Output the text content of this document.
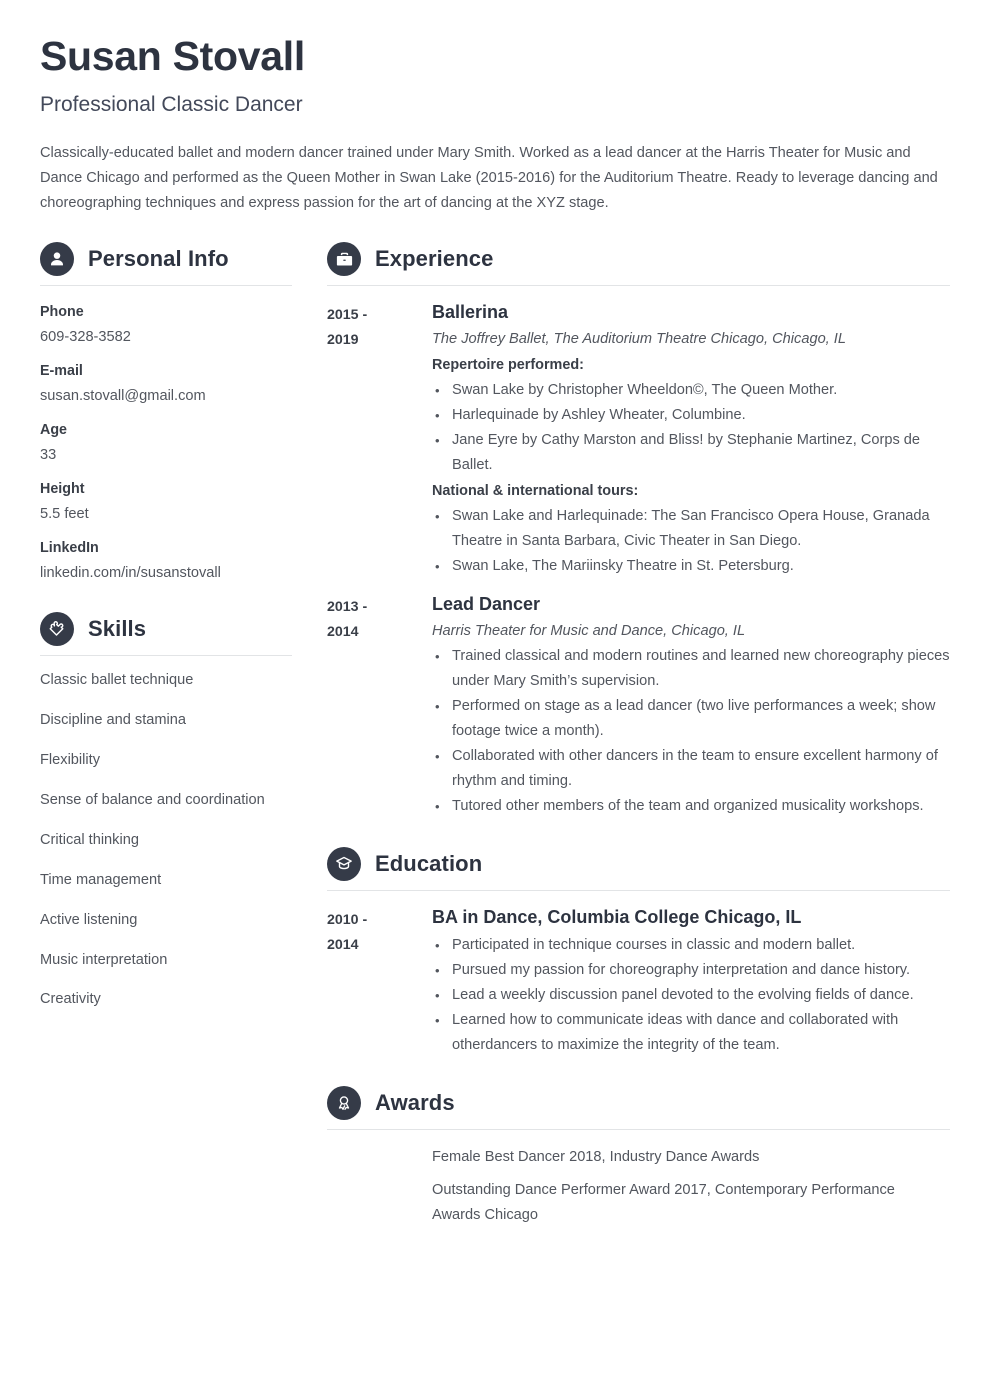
Susan Stovall
Professional Classic Dancer

Classically-educated ballet and modern dancer trained under Mary Smith. Worked as a lead dancer at the Harris Theater for Music and Dance Chicago and performed as the Queen Mother in Swan Lake (2015-2016) for the Auditorium Theatre. Ready to leverage dancing and choreographing techniques and express passion for the art of dancing at the XYZ stage.

Personal Info
Phone
609-328-3582
E-mail
susan.stovall@gmail.com
Age
33
Height
5.5 feet
LinkedIn
linkedin.com/in/susanstovall
Skills
Classic ballet technique
Discipline and stamina
Flexibility
Sense of balance and coordination
Critical thinking
Time management
Active listening
Music interpretation
Creativity
Experience
2015 -
2019
Ballerina
The Joffrey Ballet, The Auditorium Theatre Chicago, Chicago, IL
Repertoire performed:
• Swan Lake by Christopher Wheeldon©, The Queen Mother.
• Harlequinade by Ashley Wheater, Columbine.
• Jane Eyre by Cathy Marston and Bliss! by Stephanie Martinez, Corps de Ballet.
National & international tours:
• Swan Lake and Harlequinade: The San Francisco Opera House, Granada Theatre in Santa Barbara, Civic Theater in San Diego.
• Swan Lake, The Mariinsky Theatre in St. Petersburg.
2013 -
2014
Lead Dancer
Harris Theater for Music and Dance, Chicago, IL
• Trained classical and modern routines and learned new choreography pieces under Mary Smith’s supervision.
• Performed on stage as a lead dancer (two live performances a week; show footage twice a month).
• Collaborated with other dancers in the team to ensure excellent harmony of rhythm and timing.
• Tutored other members of the team and organized musicality workshops.
Education
2010 -
2014
BA in Dance, Columbia College Chicago, IL
• Participated in technique courses in classic and modern ballet.
• Pursued my passion for choreography interpretation and dance history.
• Lead a weekly discussion panel devoted to the evolving fields of dance.
• Learned how to communicate ideas with dance and collaborated with otherdancers to maximize the integrity of the team.
Awards
Female Best Dancer 2018, Industry Dance Awards
Outstanding Dance Performer Award 2017, Contemporary Performance Awards Chicago
